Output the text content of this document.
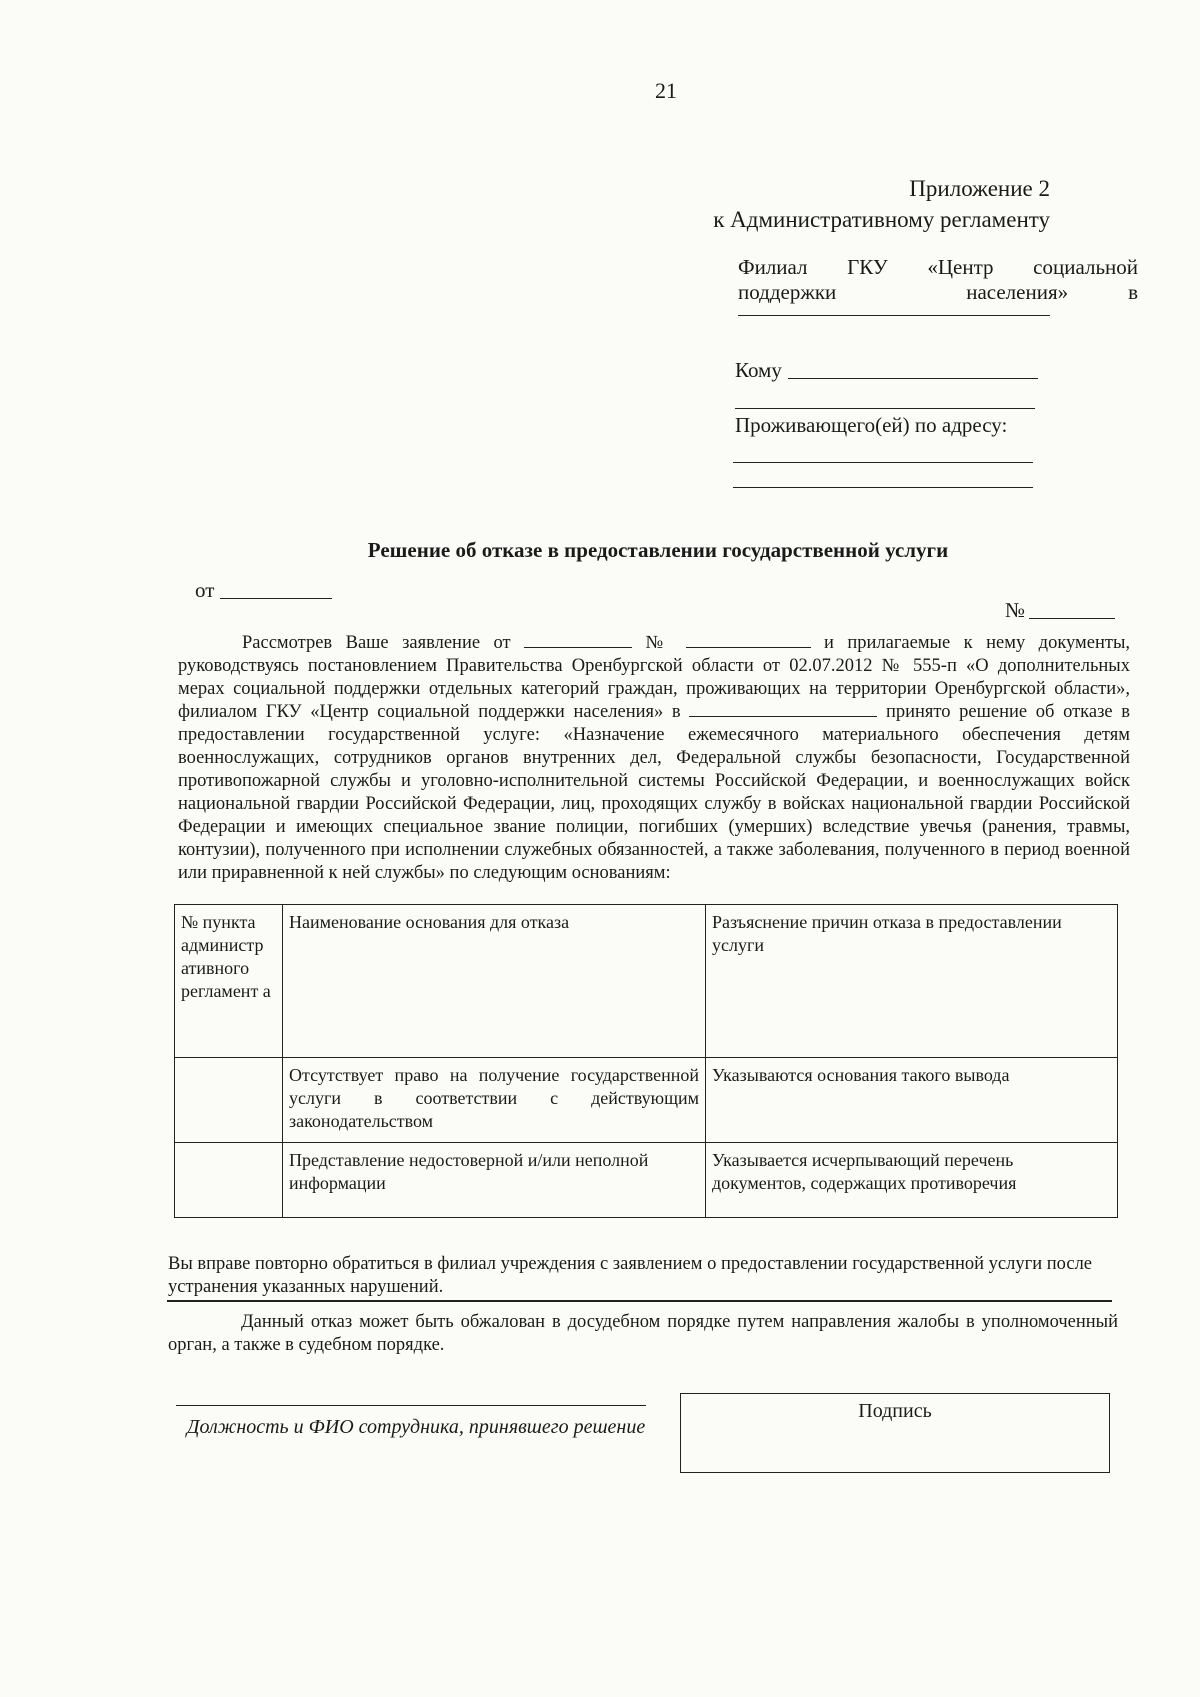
21
Приложение 2
к Административному регламенту
Филиал ГКУ «Центр социальной
поддержки	населения»	в
Кому
Проживающего(ей) по адресу:
Решение об отказе в предоставлении государственной услуги
от
№
Рассмотрев Ваше заявление от	№	и прилагаемые к нему документы, руководствуясь постановлением Правительства Оренбургской области от 02.07.2012 № 555-п «О дополнительных мерах социальной поддержки отдельных категорий граждан, проживающих на территории Оренбургской области», филиалом ГКУ «Центр социальной поддержки населения» в	принято решение об отказе в предоставлении государственной услуге: «Назначение ежемесячного материального обеспечения детям военнослужащих, сотрудников органов внутренних дел, Федеральной службы безопасности, Государственной противопожарной службы и уголовно-исполнительной системы Российской Федерации, и военнослужащих войск национальной гвардии Российской Федерации, лиц, проходящих службу в войсках национальной гвардии Российской Федерации и имеющих специальное звание полиции, погибших (умерших) вследствие увечья (ранения, травмы, контузии), полученного при исполнении служебных обязанностей, а также заболевания, полученного в период военной или приравненной к ней службы» по следующим основаниям:
№ пункта администр ативного регламент а	Наименование основания для отказа	Разъяснение причин отказа в предоставлении услуги
	Отсутствует право на получение государственной услуги в соответствии с действующим законодательством	Указываются основания такого вывода
	Представление недостоверной и/или неполной информации	Указывается исчерпывающий перечень документов, содержащих противоречия
Вы вправе повторно обратиться в филиал учреждения с заявлением о предоставлении государственной услуги после устранения указанных нарушений.
Данный отказ может быть обжалован в досудебном порядке путем направления жалобы в уполномоченный орган, а также в судебном порядке.
Должность и ФИО сотрудника, принявшего решение
Подпись
